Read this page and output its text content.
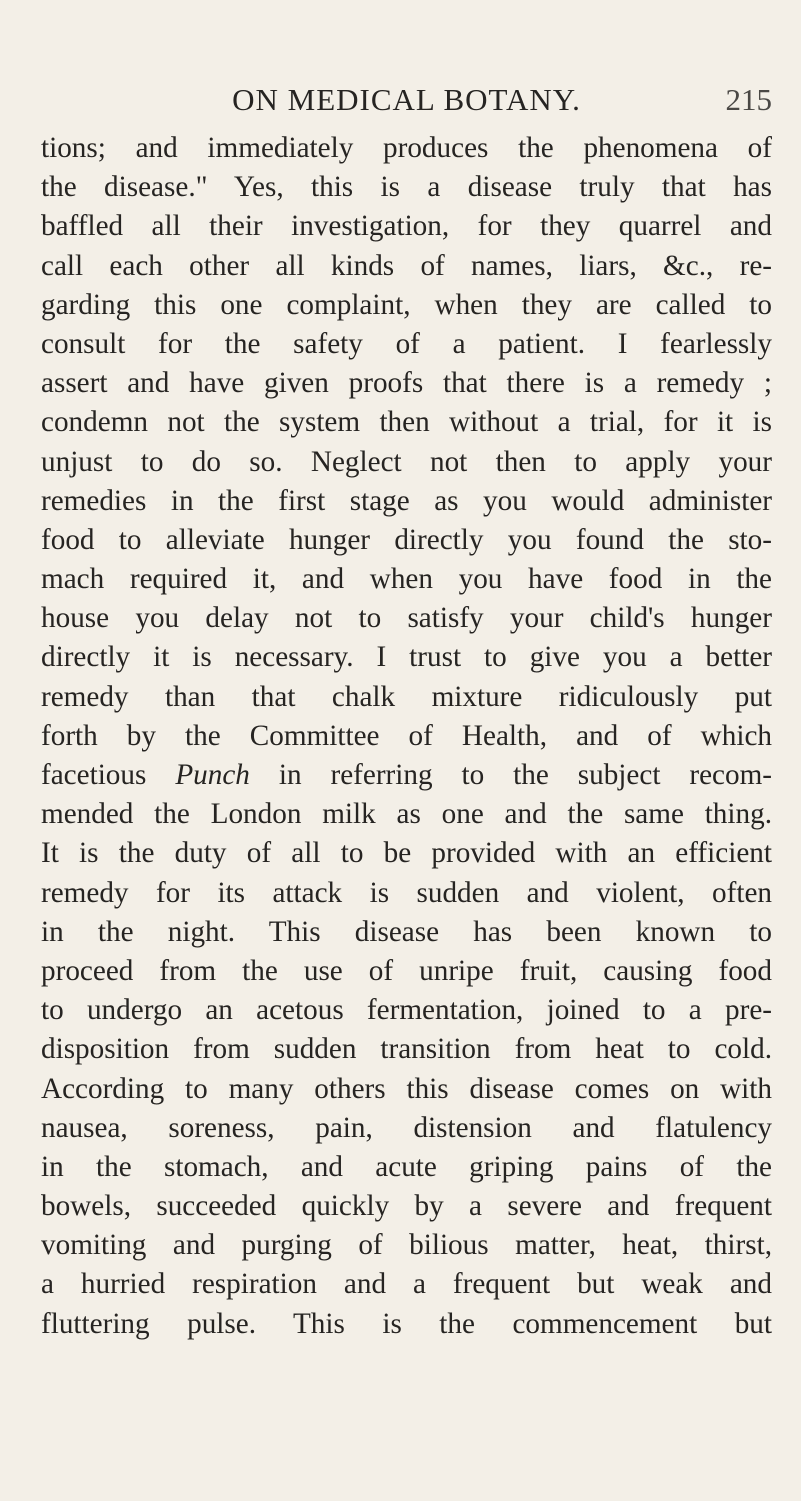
ON MEDICAL BOTANY.	215
tions; and immediately produces the phenomena of
the disease." Yes, this is a disease truly that has
baffled all their investigation, for they quarrel and
call each other all kinds of names, liars, &c., re-
garding this one complaint, when they are called to
consult for the safety of a patient. I fearlessly
assert and have given proofs that there is a remedy ;
condemn not the system then without a trial, for it is
unjust to do so. Neglect not then to apply your
remedies in the first stage as you would administer
food to alleviate hunger directly you found the sto-
mach required it, and when you have food in the
house you delay not to satisfy your child's hunger
directly it is necessary. I trust to give you a better
remedy than that chalk mixture ridiculously put
forth by the Committee of Health, and of which
facetious Punch in referring to the subject recom-
mended the London milk as one and the same thing.
It is the duty of all to be provided with an efficient
remedy for its attack is sudden and violent, often
in the night. This disease has been known to
proceed from the use of unripe fruit, causing food
to undergo an acetous fermentation, joined to a pre-
disposition from sudden transition from heat to cold.
According to many others this disease comes on with
nausea, soreness, pain, distension and flatulency
in the stomach, and acute griping pains of the
bowels, succeeded quickly by a severe and frequent
vomiting and purging of bilious matter, heat, thirst,
a hurried respiration and a frequent but weak and
fluttering pulse. This is the commencement but
